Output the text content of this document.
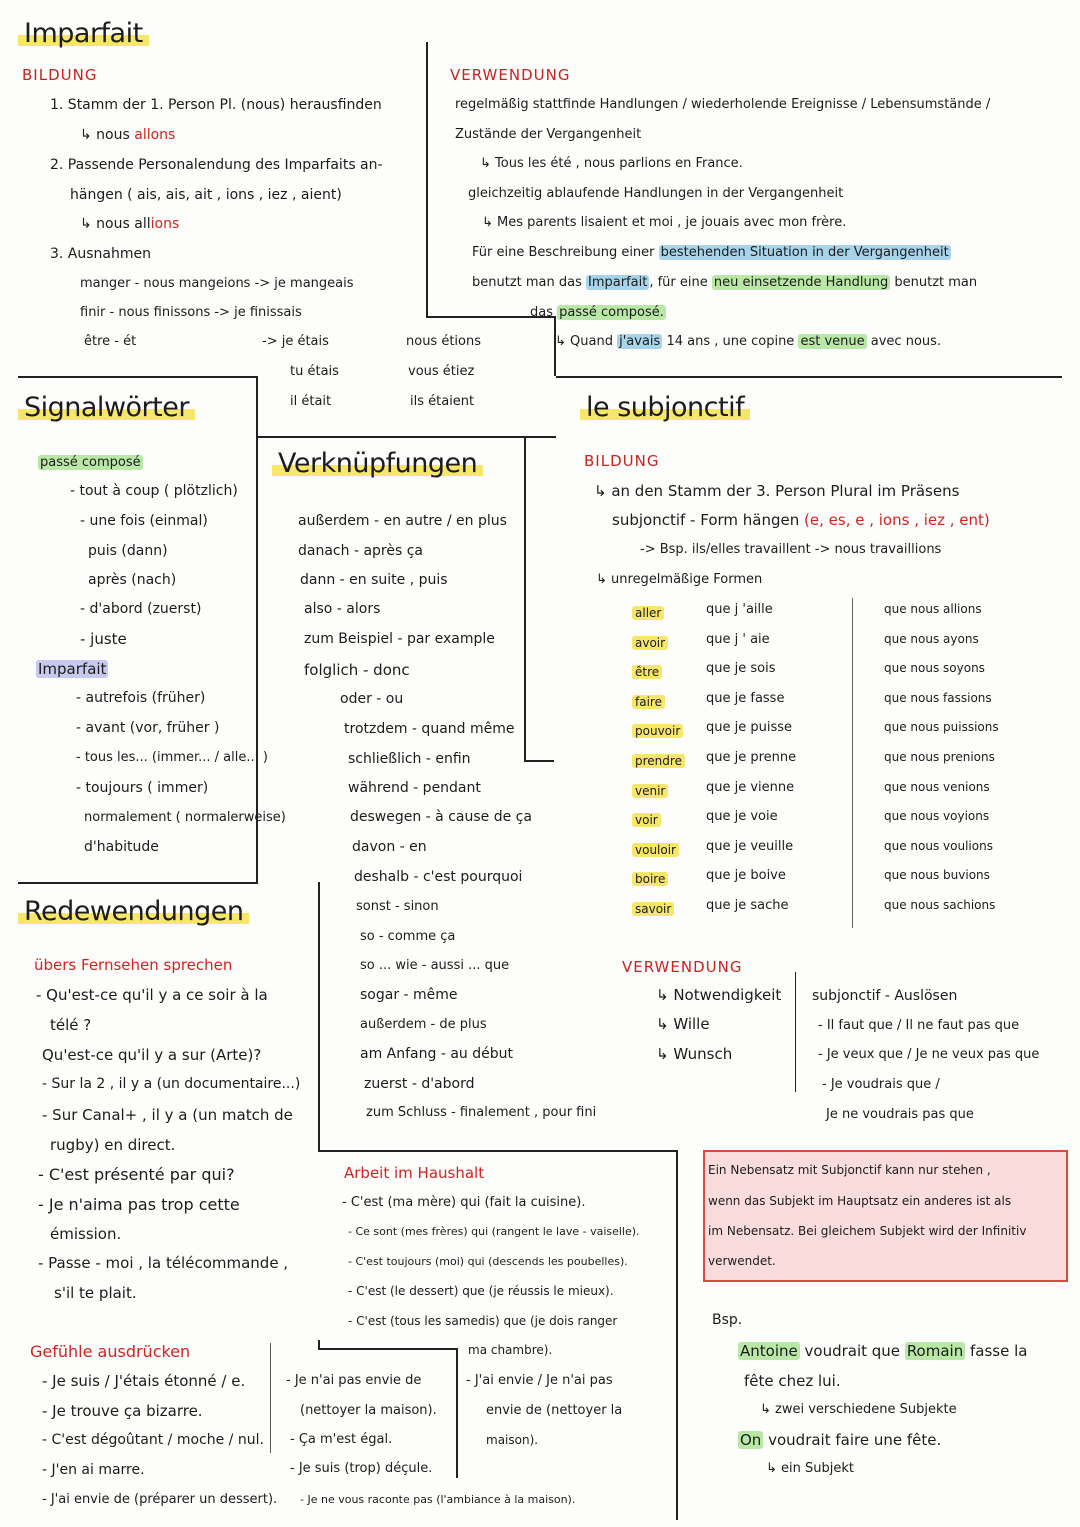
Imparfait
BILDUNG
1. Stamm der 1. Person Pl. (nous) herausfinden
↳ nous allons
2. Passende Personalendung des Imparfaits an-
hängen ( ais, ais, ait , ions , iez , aient)
↳ nous allions
3. Ausnahmen
manger - nous mangeions -> je mangeais
finir - nous finissons -> je finissais
être - ét	-> je étais	nous étions
tu étais	vous étiez
il était	ils étaient
VERWENDUNG
regelmäßig stattfinde Handlungen / wiederholende Ereignisse / Lebensumstände /
Zustände der Vergangenheit
↳ Tous les été , nous parlions en France.
gleichzeitig ablaufende Handlungen in der Vergangenheit
↳ Mes parents lisaient et moi , je jouais avec mon frère.
Für eine Beschreibung einer bestehenden Situation in der Vergangenheit
benutzt man das Imparfait , für eine neu einsetzende Handlung benutzt man
das passé composé.
↳ Quand j'avais 14 ans , une copine est venue avec nous.
Signalwörter
passé composé
- tout à coup ( plötzlich)
- une fois (einmal)
puis (dann)
après (nach)
- d'abord (zuerst)
- juste
Imparfait
- autrefois (früher)
- avant (vor, früher )
- tous les... (immer... / alle... )
- toujours ( immer)
normalement ( normalerweise)
d'habitude
Verknüpfungen
außerdem - en autre / en plus
danach - après ça
dann - en suite , puis
also - alors
zum Beispiel - par example
folglich - donc
oder - ou
trotzdem - quand même
schließlich - enfin
während - pendant
deswegen - à cause de ça
davon - en
deshalb - c'est pourquoi
sonst - sinon
so - comme ça
so ... wie - aussi ... que
sogar - même
außerdem - de plus
am Anfang - au début
zuerst - d'abord
zum Schluss - finalement , pour fini
le subjonctif
BILDUNG
↳ an den Stamm der 3. Person Plural im Präsens
subjonctif - Form hängen (e, es, e , ions , iez , ent)
-> Bsp. ils/elles travaillent -> nous travaillions
↳ unregelmäßige Formen
aller	que j 'aille	que nous allions
avoir	que j ' aie	que nous ayons
être	que je sois	que nous soyons
faire	que je fasse	que nous fassions
pouvoir que je puisse	que nous puissions
prendre que je prenne	que nous prenions
venir	que je vienne	que nous venions
voir	que je voie	que nous voyions
vouloir que je veuille	que nous voulions
boire	que je boive	que nous buvions
savoir	que je sache	que nous sachions
VERWENDUNG
↳ Notwendigkeit
↳ Wille
↳ Wunsch
subjonctif - Auslösen
- Il faut que / Il ne faut pas que
- Je veux que / Je ne veux pas que
- Je voudrais que /
Je ne voudrais pas que
Ein Nebensatz mit Subjonctif kann nur stehen ,
wenn das Subjekt im Hauptsatz ein anderes ist als
im Nebensatz. Bei gleichem Subjekt wird der Infinitiv
verwendet.
Bsp.
Antoine voudrait que Romain fasse la
fête chez lui.
↳ zwei verschiedene Subjekte
On voudrait faire une fête.
↳ ein Subjekt
Redewendungen
übers Fernsehen sprechen
- Qu'est-ce qu'il y a ce soir à la
télé ?
Qu'est-ce qu'il y a sur (Arte)?
- Sur la 2 , il y a (un documentaire...)
- Sur Canal+ , il y a (un match de
rugby) en direct.
- C'est présenté par qui?
- Je n'aima pas trop cette
émission.
- Passe - moi , la télécommande ,
s'il te plait.
Gefühle ausdrücken
- Je suis / J'étais étonné / e.
- Je trouve ça bizarre.
- C'est dégoûtant / moche / nul.
- J'en ai marre.
- J'ai envie de (préparer un dessert).
- Je n'ai pas envie de
(nettoyer la maison).
- Ça m'est égal.
- Je suis (trop) déçule.
- Je ne vous raconte pas (l'ambiance à la maison).
Arbeit im Haushalt
- C'est (ma mère) qui (fait la cuisine).
- Ce sont (mes frères) qui (rangent le lave - vaiselle).
- C'est toujours (moi) qui (descends les poubelles).
- C'est (le dessert) que (je réussis le mieux).
- C'est (tous les samedis) que (je dois ranger
ma chambre).
- J'ai envie / Je n'ai pas
envie de (nettoyer la
maison).
